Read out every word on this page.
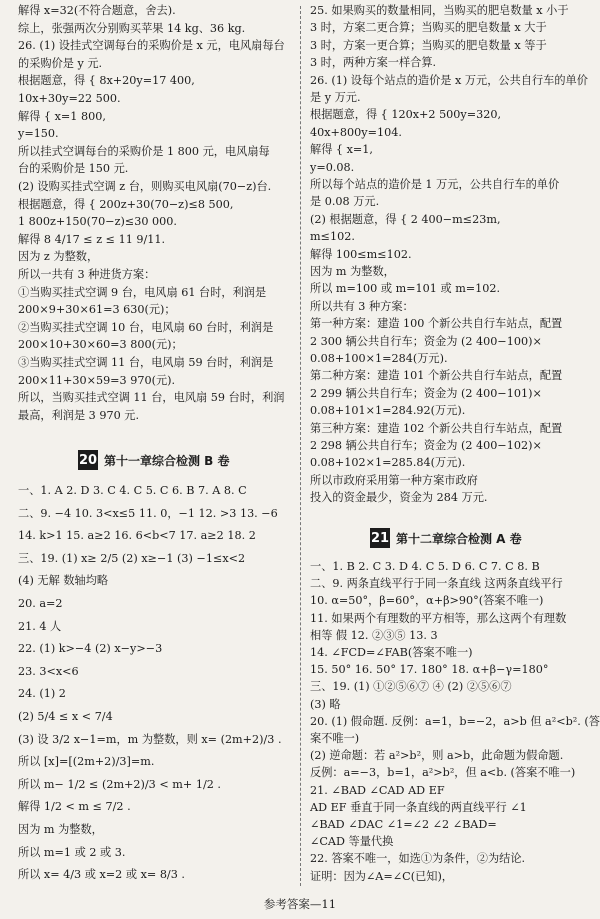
解得 x=32(不符合题意，舍去).
综上，张强两次分别购买苹果 14 kg、36 kg.
26. (1) 设挂式空调每台的采购价是 x 元，电风扇每台
的采购价是 y 元.
根据题意，得 { 8x+20y=17 400,
10x+30y=22 500.
解得 { x=1 800,
y=150.
所以挂式空调每台的采购价是 1 800 元，电风扇每
台的采购价是 150 元.
(2) 设购买挂式空调 z 台，则购买电风扇(70−z)台.
根据题意，得 { 200z+30(70−z)≤8 500,
1 800z+150(70−z)≤30 000.
解得 8 4/17 ≤ z ≤ 11 9/11.
因为 z 为整数，
所以一共有 3 种进货方案：
①当购买挂式空调 9 台，电风扇 61 台时，利润是
200×9+30×61=3 630(元)；
②当购买挂式空调 10 台，电风扇 60 台时，利润是
200×10+30×60=3 800(元)；
③当购买挂式空调 11 台，电风扇 59 台时，利润是
200×11+30×59=3 970(元).
所以，当购买挂式空调 11 台，电风扇 59 台时，利润
最高，利润是 3 970 元.
20 第十一章综合检测 B 卷
一、1. A 2. D 3. C 4. C 5. C 6. B 7. A 8. C
二、9. −4 10. 3<x≤5 11. 0，−1 12. >3 13. −6
14. k>1 15. a≥2 16. 6<b<7 17. a≥2 18. 2
三、19. (1) x≥ 2/5 (2) x≥−1 (3) −1≤x<2
(4) 无解 数轴均略
20. a=2
21. 4 人
22. (1) k>−4 (2) x−y>−3
23. 3<x<6
24. (1) 2
(2) 5/4 ≤ x < 7/4
(3) 设 3/2 x−1=m，m 为整数，则 x= (2m+2)/3 .
所以 [x]=[(2m+2)/3]=m.
所以 m− 1/2 ≤ (2m+2)/3 < m+ 1/2 .
解得 1/2 < m ≤ 7/2 .
因为 m 为整数，
所以 m=1 或 2 或 3.
所以 x= 4/3 或 x=2 或 x= 8/3 .
25. 如果购买的数量相同，当购买的肥皂数量 x 小于
3 时，方案二更合算；当购买的肥皂数量 x 大于
3 时，方案一更合算；当购买的肥皂数量 x 等于
3 时，两种方案一样合算.
26. (1) 设每个站点的造价是 x 万元，公共自行车的单价
是 y 万元.
根据题意，得 { 120x+2 500y=320,
40x+800y=104.
解得 { x=1,
y=0.08.
所以每个站点的造价是 1 万元，公共自行车的单价
是 0.08 万元.
(2) 根据题意，得 { 2 400−m≤23m,
m≤102.
解得 100≤m≤102.
因为 m 为整数，
所以 m=100 或 m=101 或 m=102.
所以共有 3 种方案：
第一种方案：建造 100 个新公共自行车站点，配置
2 300 辆公共自行车；资金为 (2 400−100)×
0.08+100×1=284(万元).
第二种方案：建造 101 个新公共自行车站点，配置
2 299 辆公共自行车；资金为 (2 400−101)×
0.08+101×1=284.92(万元).
第三种方案：建造 102 个新公共自行车站点，配置
2 298 辆公共自行车；资金为 (2 400−102)×
0.08+102×1=285.84(万元).
所以市政府采用第一种方案市政府
投入的资金最少，资金为 284 万元.
21 第十二章综合检测 A 卷
一、1. B 2. C 3. D 4. C 5. D 6. C 7. C 8. B
二、9. 两条直线平行于同一条直线 这两条直线平行
10. α=50°，β=60°，α+β>90°(答案不唯一)
11. 如果两个有理数的平方相等，那么这两个有理数
相等 假 12. ②③⑤ 13. 3
14. ∠FCD=∠FAB(答案不唯一)
15. 50° 16. 50° 17. 180° 18. α+β−γ=180°
三、19. (1) ①②⑤⑥⑦ ④ (2) ②⑤⑥⑦
(3) 略
20. (1) 假命题. 反例：a=1，b=−2，a>b 但 a²<b². (答
案不唯一)
(2) 逆命题：若 a²>b²，则 a>b，此命题为假命题.
反例：a=−3，b=1，a²>b²，但 a<b. (答案不唯一)
21. ∠BAD ∠CAD AD EF
AD EF 垂直于同一条直线的两直线平行 ∠1
∠BAD ∠DAC ∠1=∠2 ∠2 ∠BAD=
∠CAD 等量代换
22. 答案不唯一，如选①为条件，②为结论.
证明：因为∠A=∠C(已知)，
参考答案—11
